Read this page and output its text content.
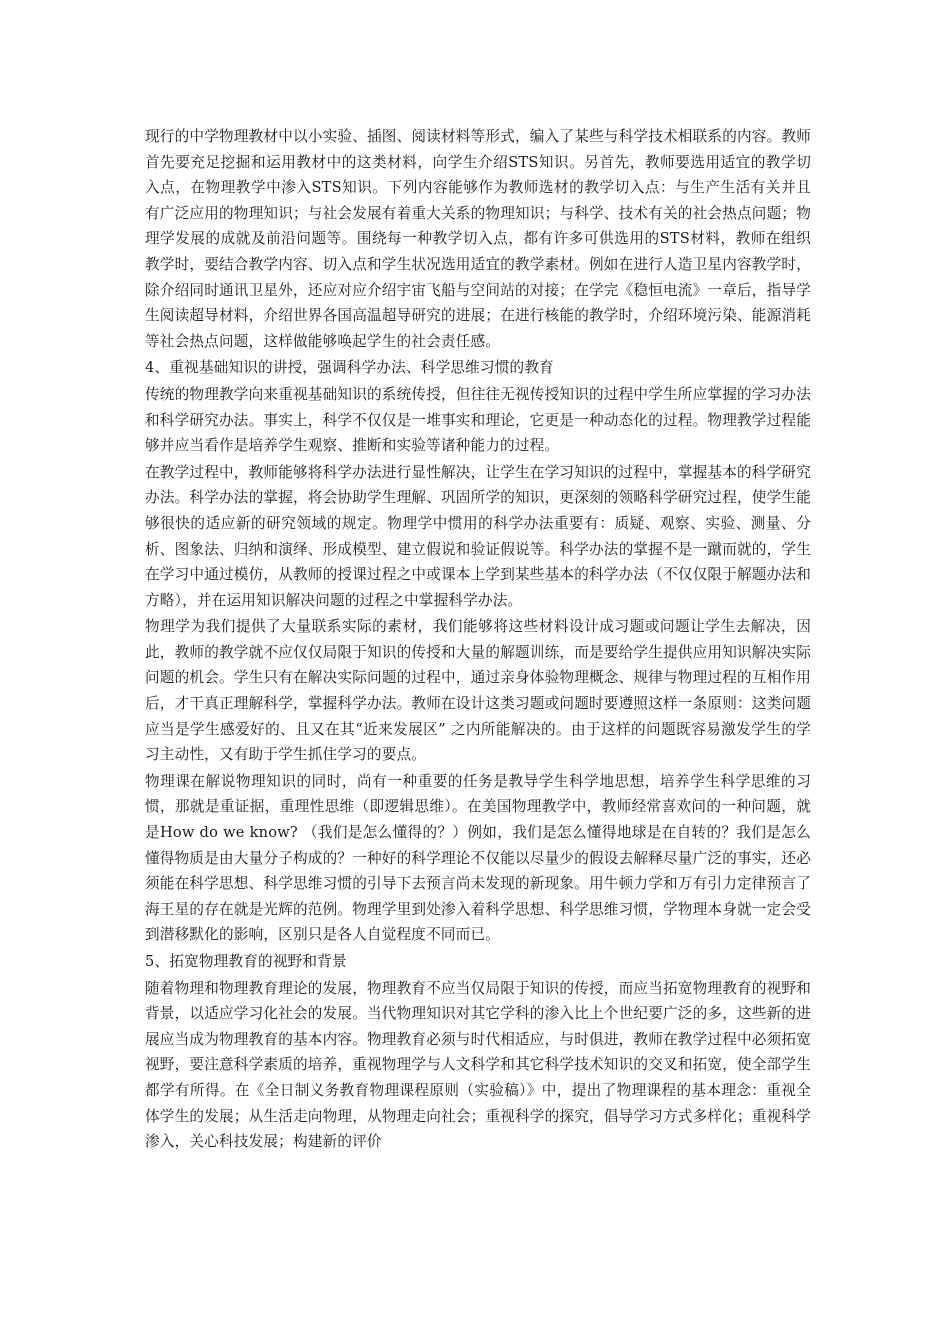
现行的中学物理教材中以小实验、插图、阅读材料等形式，编入了某些与科学技术相联系的内容。教师首先要充足挖掘和运用教材中的这类材料，向学生介绍STS知识。另首先，教师要选用适宜的教学切入点，在物理教学中渗入STS知识。下列内容能够作为教师选材的教学切入点：与生产生活有关并且有广泛应用的物理知识；与社会发展有着重大关系的物理知识；与科学、技术有关的社会热点问题；物理学发展的成就及前沿问题等。围绕每一种教学切入点，都有许多可供选用的STS材料，教师在组织教学时，要结合教学内容、切入点和学生状况选用适宜的教学素材。例如在进行人造卫星内容教学时，除介绍同时通讯卫星外，还应对应介绍宇宙飞船与空间站的对接；在学完《稳恒电流》一章后，指导学生阅读超导材料，介绍世界各国高温超导研究的进展；在进行核能的教学时，介绍环境污染、能源消耗等社会热点问题，这样做能够唤起学生的社会责任感。

4、重视基础知识的讲授，强调科学办法、科学思维习惯的教育

传统的物理教学向来重视基础知识的系统传授，但往往无视传授知识的过程中学生所应掌握的学习办法和科学研究办法。事实上，科学不仅仅是一堆事实和理论，它更是一种动态化的过程。物理教学过程能够并应当看作是培养学生观察、推断和实验等诸种能力的过程。

在教学过程中，教师能够将科学办法进行显性解决，让学生在学习知识的过程中，掌握基本的科学研究办法。科学办法的掌握，将会协助学生理解、巩固所学的知识，更深刻的领略科学研究过程，使学生能够很快的适应新的研究领域的规定。物理学中惯用的科学办法重要有：质疑、观察、实验、测量、分析、图象法、归纳和演绎、形成模型、建立假说和验证假说等。科学办法的掌握不是一蹴而就的，学生在学习中通过模仿，从教师的授课过程之中或课本上学到某些基本的科学办法（不仅仅限于解题办法和方略），并在运用知识解决问题的过程之中掌握科学办法。

物理学为我们提供了大量联系实际的素材，我们能够将这些材料设计成习题或问题让学生去解决，因此，教师的教学就不应仅仅局限于知识的传授和大量的解题训练，而是要给学生提供应用知识解决实际问题的机会。学生只有在解决实际问题的过程中，通过亲身体验物理概念、规律与物理过程的互相作用后，才干真正理解科学，掌握科学办法。教师在设计这类习题或问题时要遵照这样一条原则：这类问题应当是学生感爱好的、且又在其“近来发展区” 之内所能解决的。由于这样的问题既容易激发学生的学习主动性，又有助于学生抓住学习的要点。

物理课在解说物理知识的同时，尚有一种重要的任务是教导学生科学地思想，培养学生科学思维的习惯，那就是重证据，重理性思维（即逻辑思维）。在美国物理教学中，教师经常喜欢问的一种问题，就是How do we know? （我们是怎么懂得的？）例如，我们是怎么懂得地球是在自转的？我们是怎么懂得物质是由大量分子构成的？一种好的科学理论不仅能以尽量少的假设去解释尽量广泛的事实，还必须能在科学思想、科学思维习惯的引导下去预言尚未发现的新现象。用牛顿力学和万有引力定律预言了海王星的存在就是光辉的范例。物理学里到处渗入着科学思想、科学思维习惯，学物理本身就一定会受到潜移默化的影响，区别只是各人自觉程度不同而已。

5、拓宽物理教育的视野和背景

随着物理和物理教育理论的发展，物理教育不应当仅局限于知识的传授，而应当拓宽物理教育的视野和背景，以适应学习化社会的发展。当代物理知识对其它学科的渗入比上个世纪要广泛的多，这些新的进展应当成为物理教育的基本内容。物理教育必须与时代相适应，与时俱进，教师在教学过程中必须拓宽视野，要注意科学素质的培养，重视物理学与人文科学和其它科学技术知识的交叉和拓宽，使全部学生都学有所得。在《全日制义务教育物理课程原则（实验稿）》中，提出了物理课程的基本理念：重视全体学生的发展；从生活走向物理，从物理走向社会；重视科学的探究，倡导学习方式多样化；重视科学渗入，关心科技发展；构建新的评价
